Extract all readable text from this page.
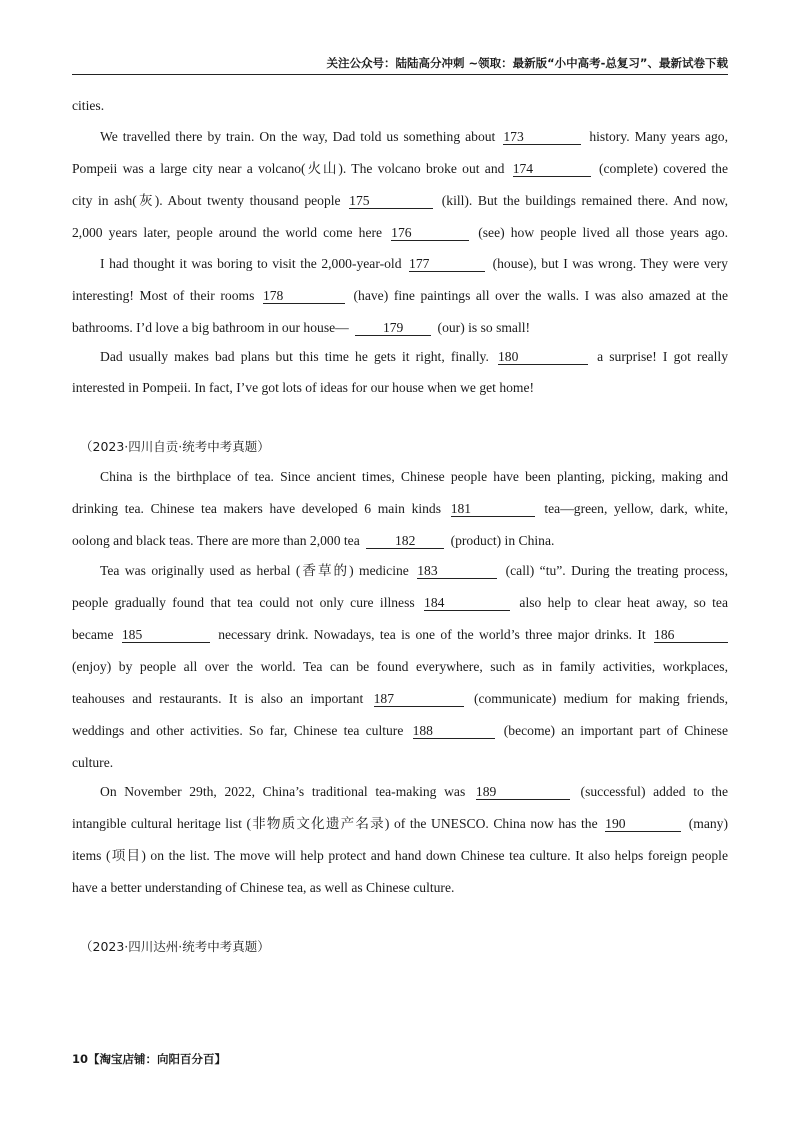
关注公众号：陆陆高分冲刺 ~领取：最新版“小中高考-总复习”、最新试卷下载
cities.
We travelled there by train. On the way, Dad told us something about 173	history. Many years ago,
Pompeii was a large city near a volcano(火山). The volcano broke out and 174	(complete) covered the
city in ash(灰). About twenty thousand people 175	(kill). But the buildings remained there. And now,
2,000 years later, people around the world come here 176	(see) how people lived all those years ago.
I had thought it was boring to visit the 2,000-year-old 177	(house), but I was wrong. They were very
interesting! Most of their rooms 178	(have) fine paintings all over the walls. I was also amazed at the
bathrooms. I’d love a big bathroom in our house—	179	(our) is so small!
Dad usually makes bad plans but this time he gets it right, finally. 180	a surprise! I got really
interested in Pompeii. In fact, I’ve got lots of ideas for our house when we get home!
（2023·四川自贡·统考中考真题）
China is the birthplace of tea. Since ancient times, Chinese people have been planting, picking, making and
drinking tea. Chinese tea makers have developed 6 main kinds 181	tea—green, yellow, dark, white,
oolong and black teas. There are more than 2,000 tea	182	(product) in China.
Tea was originally used as herbal (香草的) medicine 183	(call) “tu”. During the treating process,
people gradually found that tea could not only cure illness 184	also help to clear heat away, so tea
became 185	necessary drink. Nowadays, tea is one of the world’s three major drinks. It 186
(enjoy) by people all over the world. Tea can be found everywhere, such as in family activities, workplaces,
teahouses and restaurants. It is also an important 187	(communicate) medium for making friends,
weddings and other activities. So far, Chinese tea culture 188	(become) an important part of Chinese
culture.
On November 29th, 2022, China’s traditional tea-making was 189	(successful) added to the
intangible cultural heritage list (非物质文化遗产名录) of the UNESCO. China now has the 190	(many)
items (项目) on the list. The move will help protect and hand down Chinese tea culture. It also helps foreign people
have a better understanding of Chinese tea, as well as Chinese culture.
（2023·四川达州·统考中考真题）
10【淘宝店铺：向阳百分百】
